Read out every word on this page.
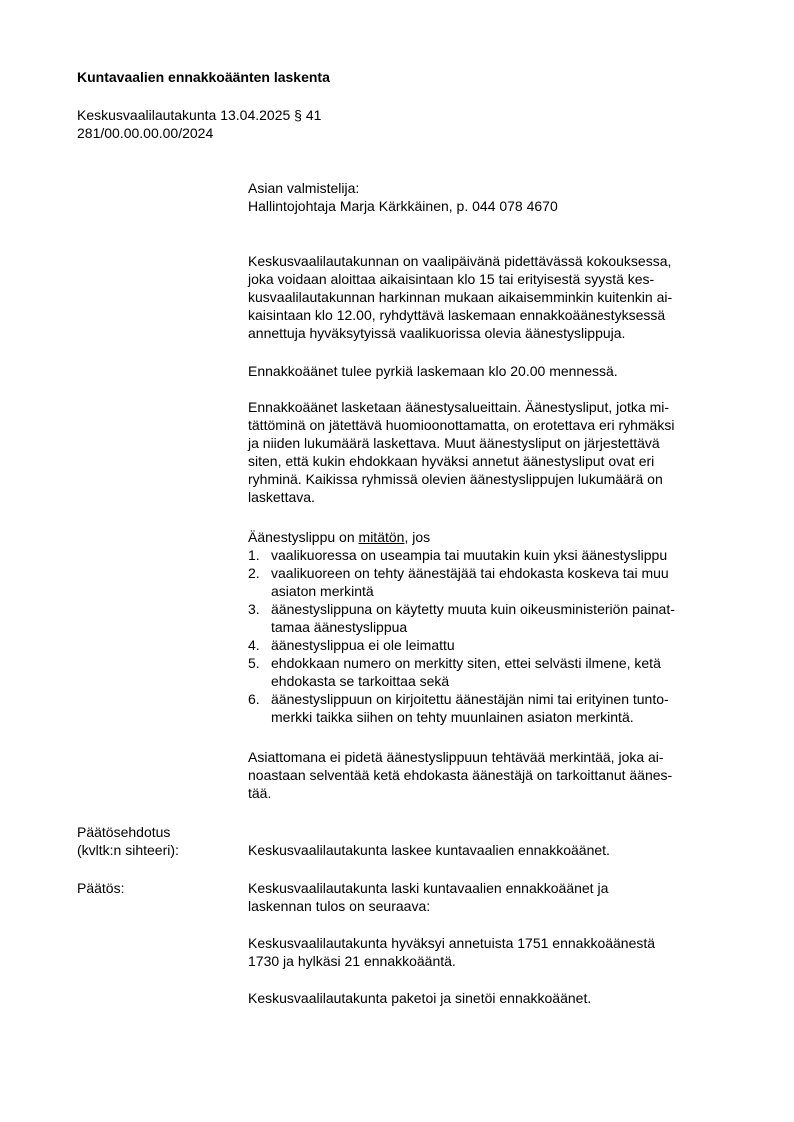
Kuntavaalien ennakkoäänten laskenta
Keskusvaalilautakunta 13.04.2025 § 41
281/00.00.00.00/2024
Asian valmistelija:
Hallintojohtaja Marja Kärkkäinen, p. 044 078 4670
Keskusvaalilautakunnan on vaalipäivänä pidettävässä kokouksessa,
joka voidaan aloittaa aikaisintaan klo 15 tai erityisestä syystä kes-
kusvaalilautakunnan harkinnan mukaan aikaisemminkin kuitenkin ai-
kaisintaan klo 12.00, ryhdyttävä laskemaan ennakkoäänestyksessä
annettuja hyväksytyissä vaalikuorissa olevia äänestyslippuja.
Ennakkoäänet tulee pyrkiä laskemaan klo 20.00 mennessä.
Ennakkoäänet lasketaan äänestysalueittain. Äänestysliput, jotka mi-
tättöminä on jätettävä huomioonottamatta, on erotettava eri ryhmäksi
ja niiden lukumäärä laskettava. Muut äänestysliput on järjestettävä
siten, että kukin ehdokkaan hyväksi annetut äänestysliput ovat eri
ryhminä. Kaikissa ryhmissä olevien äänestyslippujen lukumäärä on
laskettava.
Äänestyslippu on mitätön, jos
1. vaalikuoressa on useampia tai muutakin kuin yksi äänestyslippu
2. vaalikuoreen on tehty äänestäjää tai ehdokasta koskeva tai muu
asiaton merkintä
3. äänestyslippuna on käytetty muuta kuin oikeusministeriön painat-
tamaa äänestyslippua
4. äänestyslippua ei ole leimattu
5. ehdokkaan numero on merkitty siten, ettei selvästi ilmene, ketä
ehdokasta se tarkoittaa sekä
6. äänestyslippuun on kirjoitettu äänestäjän nimi tai erityinen tunto-
merkki taikka siihen on tehty muunlainen asiaton merkintä.
Asiattomana ei pidetä äänestyslippuun tehtävää merkintää, joka ai-
noastaan selventää ketä ehdokasta äänestäjä on tarkoittanut äänes-
tää.
Päätösehdotus
(kvltk:n sihteeri):	Keskusvaalilautakunta laskee kuntavaalien ennakkoäänet.
Päätös:	Keskusvaalilautakunta laski kuntavaalien ennakkoäänet ja
laskennan tulos on seuraava:
Keskusvaalilautakunta hyväksyi annetuista 1751 ennakkoäänestä
1730 ja hylkäsi 21 ennakkoääntä.
Keskusvaalilautakunta paketoi ja sinetöi ennakkoäänet.
